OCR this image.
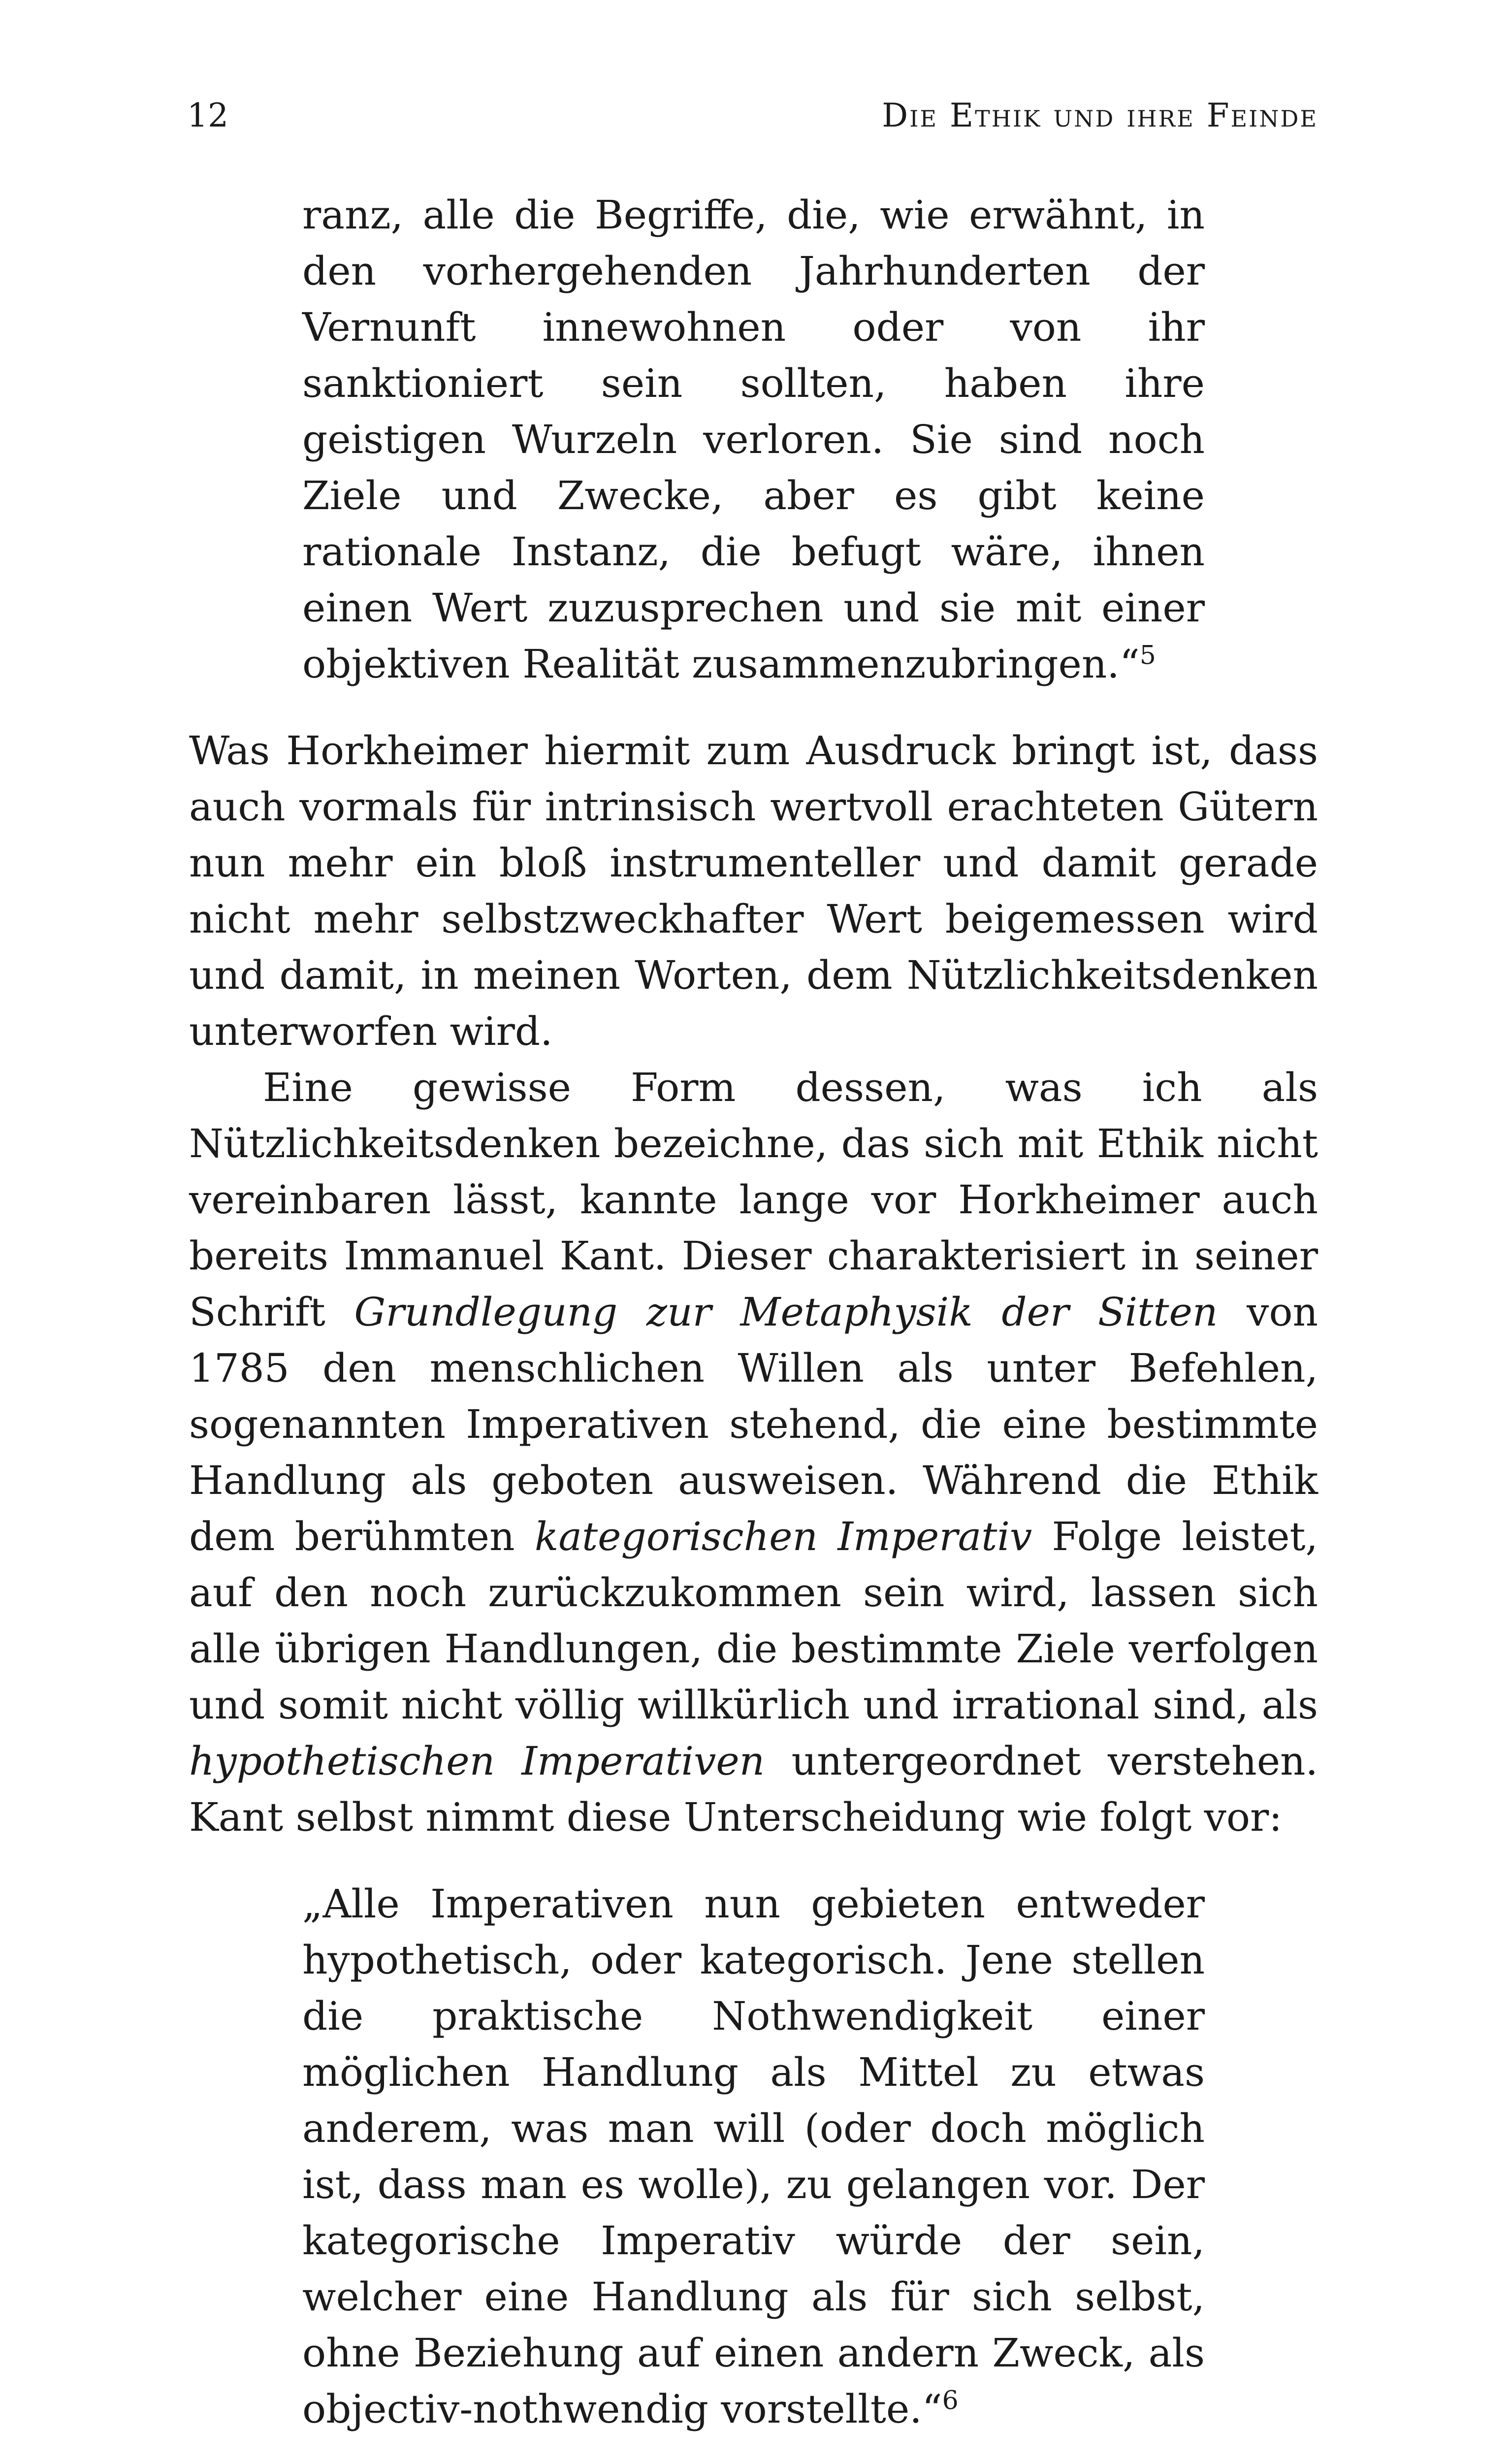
12	Die Ethik und ihre Feinde

ranz, alle die Begriffe, die, wie erwähnt, in den vorhergehenden Jahrhunderten der Vernunft innewohnen oder von ihr sanktioniert sein sollten, haben ihre geistigen Wurzeln verloren. Sie sind noch Ziele und Zwecke, aber es gibt keine rationale Instanz, die befugt wäre, ihnen einen Wert zuzusprechen und sie mit einer objektiven Realität zusammenzubringen.“$^5$

Was Horkheimer hiermit zum Ausdruck bringt ist, dass auch vormals für intrinsisch wertvoll erachteten Gütern nun mehr ein bloß instrumenteller und damit gerade nicht mehr selbstzweckhafter Wert beigemessen wird und damit, in meinen Worten, dem Nützlichkeitsdenken unterworfen wird.

Eine gewisse Form dessen, was ich als Nützlichkeitsdenken bezeichne, das sich mit Ethik nicht vereinbaren lässt, kannte lange vor Horkheimer auch bereits Immanuel Kant. Dieser charakterisiert in seiner Schrift Grundlegung zur Metaphysik der Sitten von 1785 den menschlichen Willen als unter Befehlen, sogenannten Imperativen stehend, die eine bestimmte Handlung als geboten ausweisen. Während die Ethik dem berühmten kategorischen Imperativ Folge leistet, auf den noch zurückzukommen sein wird, lassen sich alle übrigen Handlungen, die bestimmte Ziele verfolgen und somit nicht völlig willkürlich und irrational sind, als hypothetischen Imperativen untergeordnet verstehen. Kant selbst nimmt diese Unterscheidung wie folgt vor:

„Alle Imperativen nun gebieten entweder hypothetisch, oder kategorisch. Jene stellen die praktische Nothwendigkeit einer möglichen Handlung als Mittel zu etwas anderem, was man will (oder doch möglich ist, dass man es wolle), zu gelangen vor. Der kategorische Imperativ würde der sein, welcher eine Handlung als für sich selbst, ohne Beziehung auf einen andern Zweck, als objectiv-nothwendig vorstellte.“$^6$
